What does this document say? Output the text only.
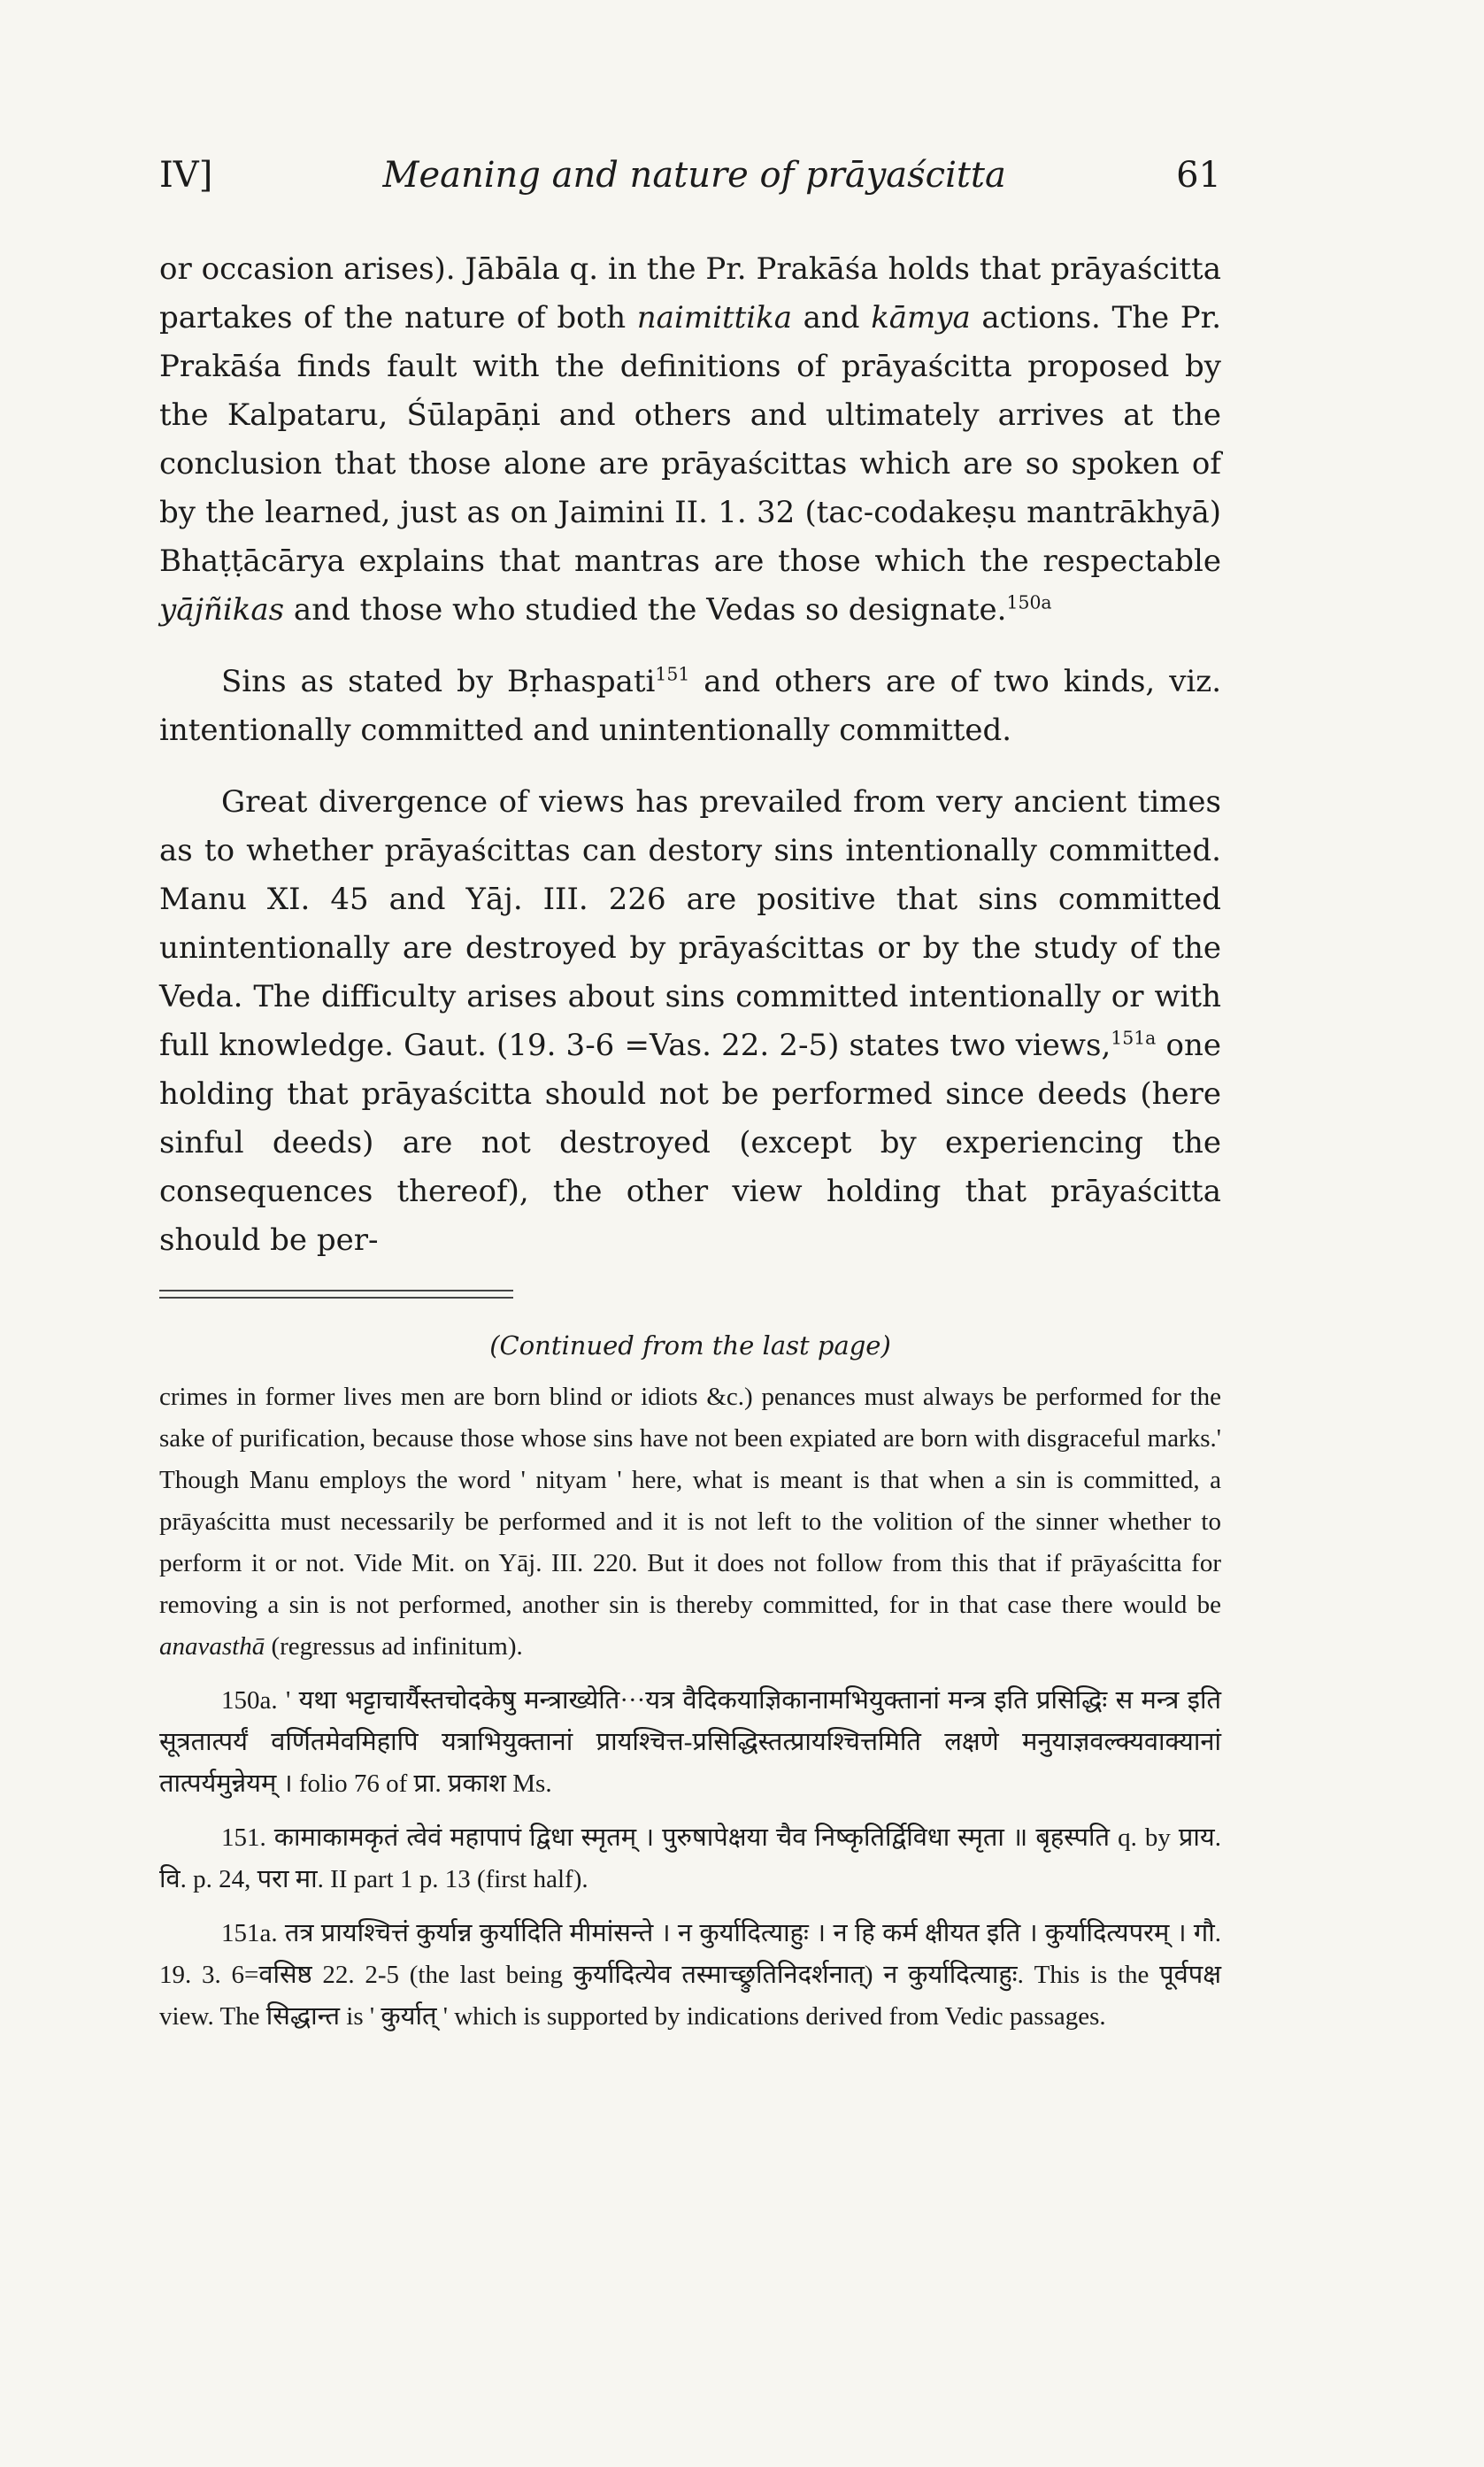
IV]	Meaning and nature of prāyaścitta	61

or occasion arises). Jābāla q. in the Pr. Prakāśa holds that prāyaścitta partakes of the nature of both naimittika and kāmya actions. The Pr. Prakāśa finds fault with the definitions of prāyaścitta proposed by the Kalpataru, Śūlapāṇi and others and ultimately arrives at the conclusion that those alone are prāyaścittas which are so spoken of by the learned, just as on Jaimini II. 1. 32 (tac-codakeṣu mantrākhyā) Bhaṭṭācārya explains that mantras are those which the respectable yājñikas and those who studied the Vedas so designate.$^{150a}$

Sins as stated by Bṛhaspati$^{151}$ and others are of two kinds, viz. intentionally committed and unintentionally committed.

Great divergence of views has prevailed from very ancient times as to whether prāyaścittas can destory sins intentionally committed. Manu XI. 45 and Yāj. III. 226 are positive that sins committed unintentionally are destroyed by prāyaścittas or by the study of the Veda. The difficulty arises about sins committed intentionally or with full knowledge. Gaut. (19. 3-6 =Vas. 22. 2-5) states two views,$^{151a}$ one holding that prāyaścitta should not be performed since deeds (here sinful deeds) are not destroyed (except by experiencing the consequences thereof), the other view holding that prāyaścitta should be per-

(Continued from the last page)

crimes in former lives men are born blind or idiots &c.) penances must always be performed for the sake of purification, because those whose sins have not been expiated are born with disgraceful marks.' Though Manu employs the word ' nityam ' here, what is meant is that when a sin is committed, a prāyaścitta must necessarily be performed and it is not left to the volition of the sinner whether to perform it or not. Vide Mit. on Yāj. III. 220. But it does not follow from this that if prāyaścitta for removing a sin is not performed, another sin is thereby committed, for in that case there would be anavasthā (regressus ad infinitum).

150a. ' यथा भट्टाचार्यैस्तचोदकेषु मन्त्राख्येति···यत्र वैदिकयाज्ञिकानामभियुक्तानां मन्त्र इति प्रसिद्धिः स मन्त्र इति सूत्रतात्पर्यं वर्णितमेवमिहापि यत्राभियुक्तानां प्रायश्चित्त-प्रसिद्धिस्तत्प्रायश्चित्तमिति लक्षणे मनुयाज्ञवल्क्यवाक्यानां तात्पर्यमुन्नेयम् । folio 76 of प्रा. प्रकाश Ms.

151. कामाकामकृतं त्वेवं महापापं द्विधा स्मृतम् । पुरुषापेक्षया चैव निष्कृतिर्द्विविधा स्मृता ॥ बृहस्पति q. by प्राय. वि. p. 24, परा मा. II part 1 p. 13 (first half).

151a. तत्र प्रायश्चित्तं कुर्यान्न कुर्यादिति मीमांसन्ते । न कुर्यादित्याहुः । न हि कर्म क्षीयत इति । कुर्यादित्यपरम् । गौ. 19. 3. 6=वसिष्ठ 22. 2-5 (the last being कुर्यादित्येव तस्माच्छ्रुतिनिदर्शनात्) न कुर्यादित्याहुः. This is the पूर्वपक्ष view. The सिद्धान्त is ' कुर्यात् ' which is supported by indications derived from Vedic passages.
